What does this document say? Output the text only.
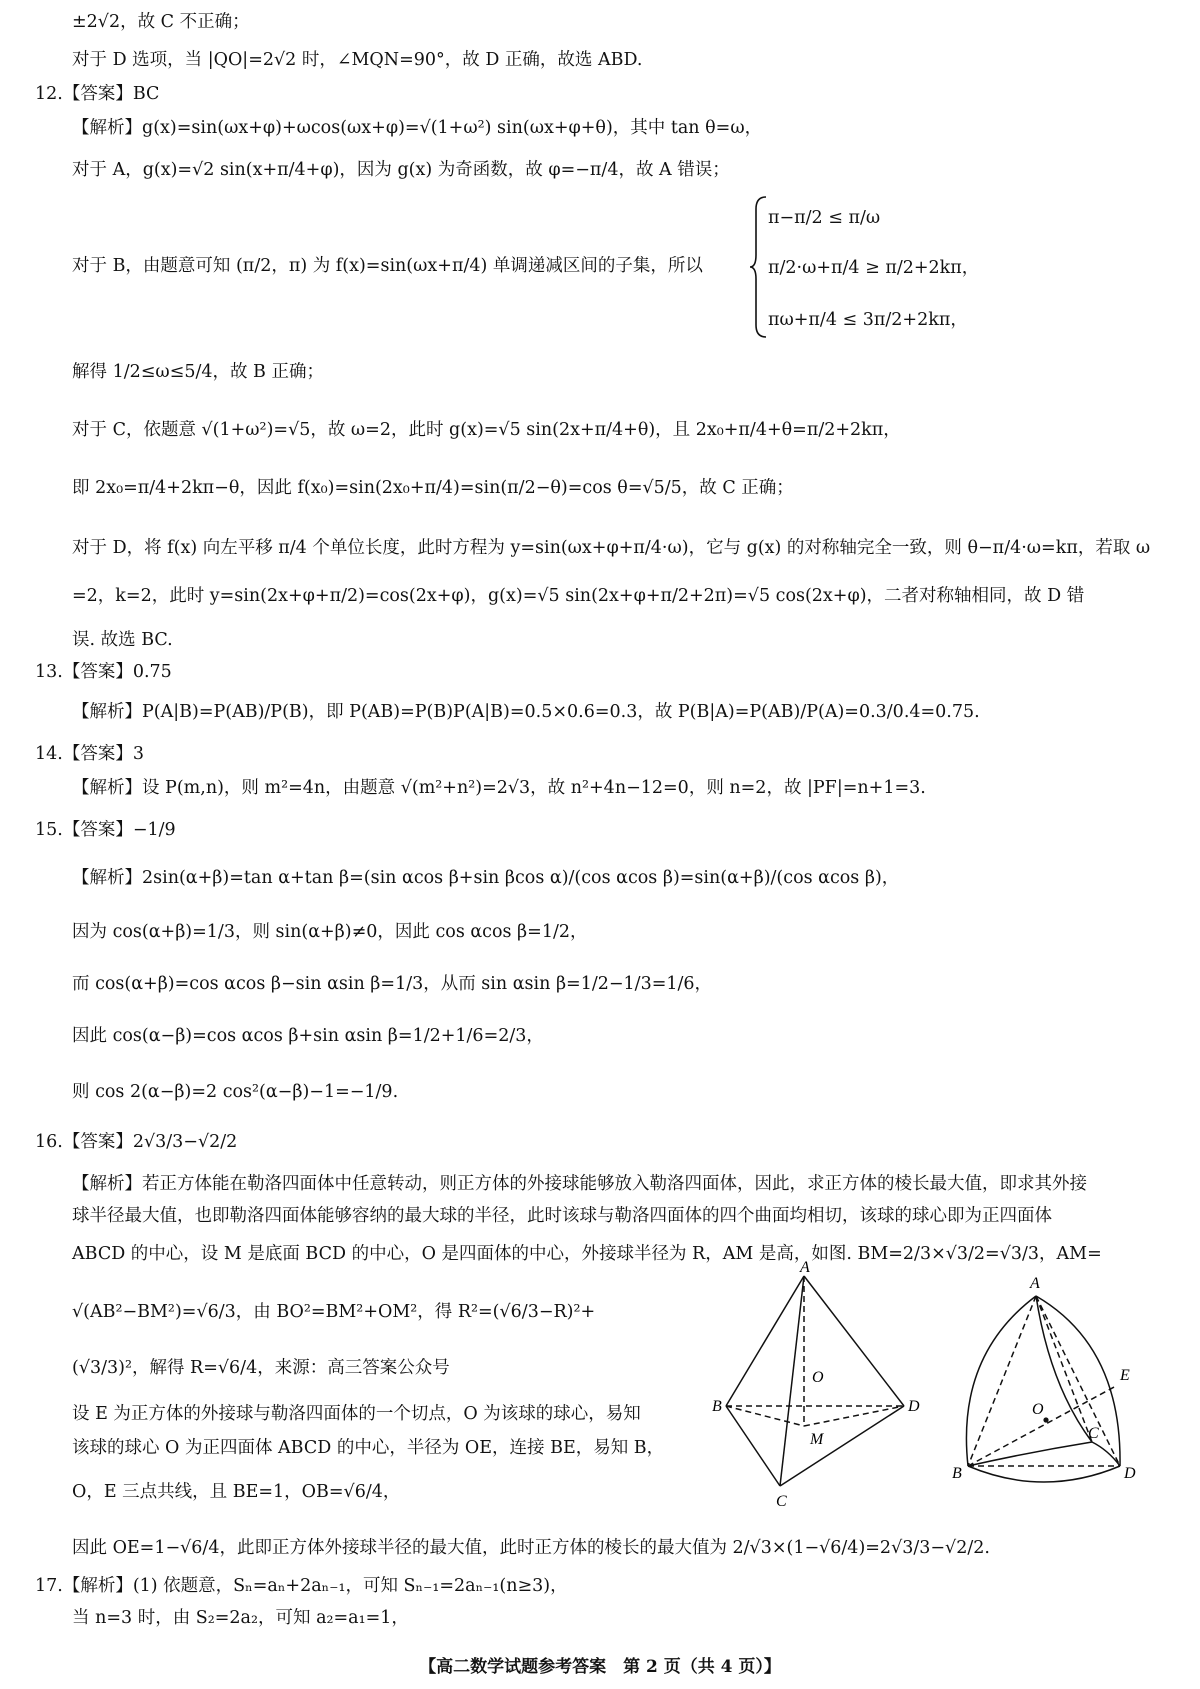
±2√2，故 C 不正确；
对于 D 选项，当 |QO|=2√2 时，∠MQN=90°，故 D 正确，故选 ABD.
12.【答案】BC
【解析】g(x)=sin(ωx+φ)+ωcos(ωx+φ)=√(1+ω²) sin(ωx+φ+θ)，其中 tan θ=ω，
对于 A，g(x)=√2 sin(x+π/4+φ)，因为 g(x) 为奇函数，故 φ=−π/4，故 A 错误；
对于 B，由题意可知 (π/2，π) 为 f(x)=sin(ωx+π/4) 单调递减区间的子集，所以
π−π/2 ≤ π/ω
π/2·ω+π/4 ≥ π/2+2kπ，
πω+π/4 ≤ 3π/2+2kπ，
解得 1/2≤ω≤5/4，故 B 正确；
对于 C，依题意 √(1+ω²)=√5，故 ω=2，此时 g(x)=√5 sin(2x+π/4+θ)，且 2x₀+π/4+θ=π/2+2kπ，
即 2x₀=π/4+2kπ−θ，因此 f(x₀)=sin(2x₀+π/4)=sin(π/2−θ)=cos θ=√5/5，故 C 正确；
对于 D，将 f(x) 向左平移 π/4 个单位长度，此时方程为 y=sin(ωx+φ+π/4·ω)，它与 g(x) 的对称轴完全一致，则 θ−π/4·ω=kπ，若取 ω
=2，k=2，此时 y=sin(2x+φ+π/2)=cos(2x+φ)，g(x)=√5 sin(2x+φ+π/2+2π)=√5 cos(2x+φ)，二者对称轴相同，故 D 错
误. 故选 BC.
13.【答案】0.75
【解析】P(A|B)=P(AB)/P(B)，即 P(AB)=P(B)P(A|B)=0.5×0.6=0.3，故 P(B|A)=P(AB)/P(A)=0.3/0.4=0.75.
14.【答案】3
【解析】设 P(m,n)，则 m²=4n，由题意 √(m²+n²)=2√3，故 n²+4n−12=0，则 n=2，故 |PF|=n+1=3.
15.【答案】−1/9
【解析】2sin(α+β)=tan α+tan β=(sin αcos β+sin βcos α)/(cos αcos β)=sin(α+β)/(cos αcos β)，
因为 cos(α+β)=1/3，则 sin(α+β)≠0，因此 cos αcos β=1/2，
而 cos(α+β)=cos αcos β−sin αsin β=1/3，从而 sin αsin β=1/2−1/3=1/6，
因此 cos(α−β)=cos αcos β+sin αsin β=1/2+1/6=2/3，
则 cos 2(α−β)=2 cos²(α−β)−1=−1/9.
16.【答案】2√3/3−√2/2
【解析】若正方体能在勒洛四面体中任意转动，则正方体的外接球能够放入勒洛四面体，因此，求正方体的棱长最大值，即求其外接
球半径最大值，也即勒洛四面体能够容纳的最大球的半径，此时该球与勒洛四面体的四个曲面均相切，该球的球心即为正四面体
ABCD 的中心，设 M 是底面 BCD 的中心，O 是四面体的中心，外接球半径为 R，AM 是高，如图. BM=2/3×√3/2=√3/3，AM=
√(AB²−BM²)=√6/3，由 BO²=BM²+OM²，得 R²=(√6/3−R)²+
(√3/3)²，解得 R=√6/4，来源：高三答案公众号
设 E 为正方体的外接球与勒洛四面体的一个切点，O 为该球的球心，易知
该球的球心 O 为正四面体 ABCD 的中心，半径为 OE，连接 BE，易知 B，
O，E 三点共线，且 BE=1，OB=√6/4，
因此 OE=1−√6/4，此即正方体外接球半径的最大值，此时正方体的棱长的最大值为 2/√3×(1−√6/4)=2√3/3−√2/2.
17.【解析】(1) 依题意，Sₙ=aₙ+2aₙ₋₁，可知 Sₙ₋₁=2aₙ₋₁(n≥3)，
当 n=3 时，由 S₂=2a₂，可知 a₂=a₁=1，
A
B
C
D
O
M
A
B
C
D
O
E
【高二数学试题参考答案　第 2 页（共 4 页）】
